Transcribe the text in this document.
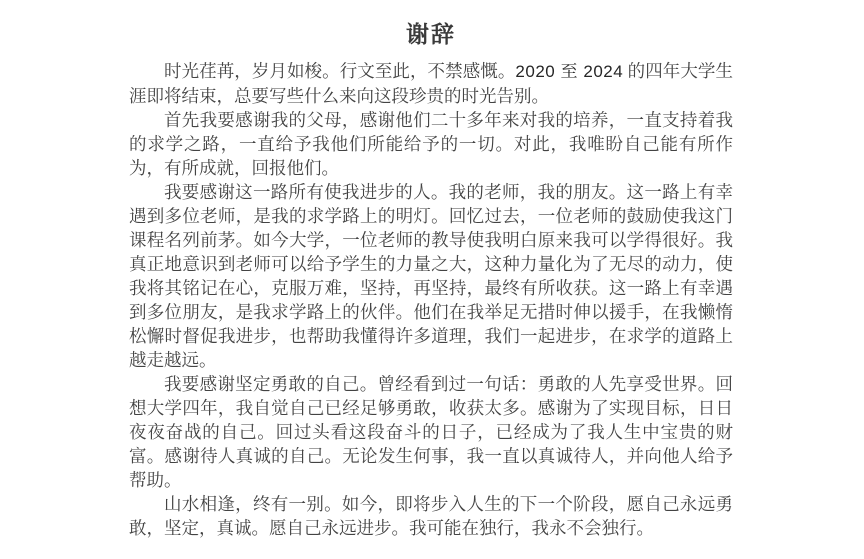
谢辞

时光荏苒，岁月如梭。行文至此，不禁感慨。2020 至 2024 的四年大学生涯即将结束，总要写些什么来向这段珍贵的时光告别。

首先我要感谢我的父母，感谢他们二十多年来对我的培养，一直支持着我的求学之路，一直给予我他们所能给予的一切。对此，我唯盼自己能有所作为，有所成就，回报他们。

我要感谢这一路所有使我进步的人。我的老师，我的朋友。这一路上有幸遇到多位老师，是我的求学路上的明灯。回忆过去，一位老师的鼓励使我这门课程名列前茅。如今大学，一位老师的教导使我明白原来我可以学得很好。我真正地意识到老师可以给予学生的力量之大，这种力量化为了无尽的动力，使我将其铭记在心，克服万难，坚持，再坚持，最终有所收获。这一路上有幸遇到多位朋友，是我求学路上的伙伴。他们在我举足无措时伸以援手，在我懒惰松懈时督促我进步，也帮助我懂得许多道理，我们一起进步，在求学的道路上越走越远。

我要感谢坚定勇敢的自己。曾经看到过一句话：勇敢的人先享受世界。回想大学四年，我自觉自己已经足够勇敢，收获太多。感谢为了实现目标，日日夜夜奋战的自己。回过头看这段奋斗的日子，已经成为了我人生中宝贵的财富。感谢待人真诚的自己。无论发生何事，我一直以真诚待人，并向他人给予帮助。

山水相逢，终有一别。如今，即将步入人生的下一个阶段，愿自己永远勇敢，坚定，真诚。愿自己永远进步。我可能在独行，我永不会独行。
